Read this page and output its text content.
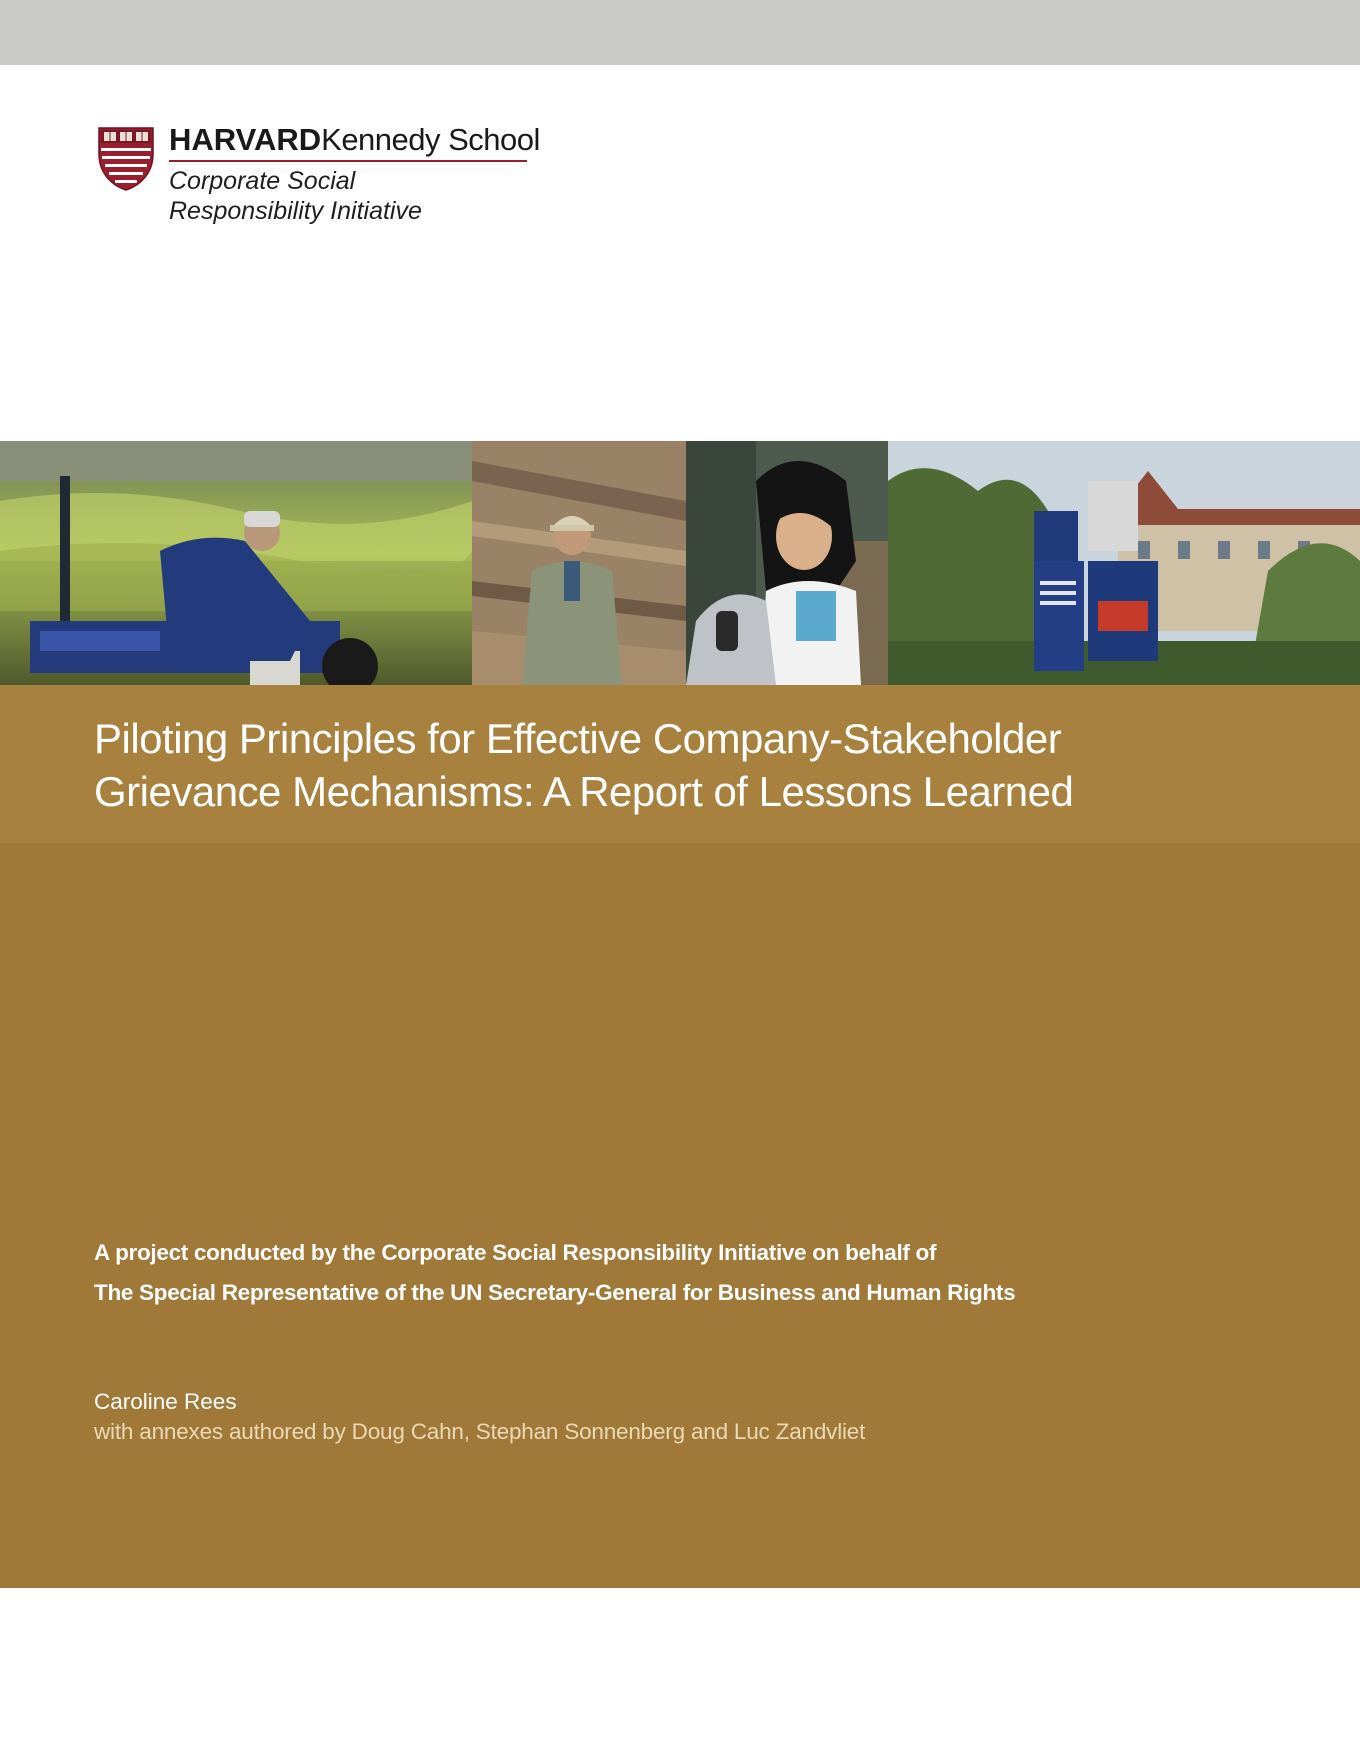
HARVARDKennedy School
Corporate Social
Responsibility Initiative
Piloting Principles for Effective Company-Stakeholder
Grievance Mechanisms: A Report of Lessons Learned
A project conducted by the Corporate Social Responsibility Initiative on behalf of
The Special Representative of the UN Secretary-General for Business and Human Rights
Caroline Rees
with annexes authored by Doug Cahn, Stephan Sonnenberg and Luc Zandvliet
